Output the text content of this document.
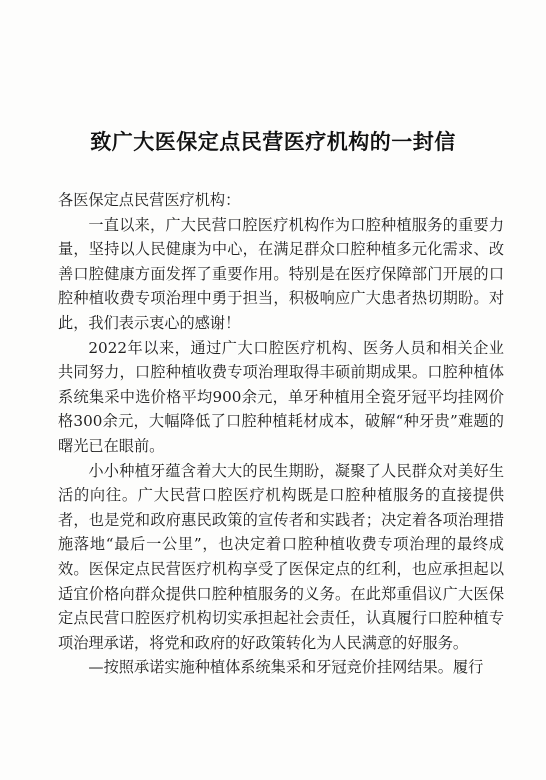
致广大医保定点民营医疗机构的一封信

各医保定点民营医疗机构：

一直以来，广大民营口腔医疗机构作为口腔种植服务的重要力量，坚持以人民健康为中心，在满足群众口腔种植多元化需求、改善口腔健康方面发挥了重要作用。特别是在医疗保障部门开展的口腔种植收费专项治理中勇于担当，积极响应广大患者热切期盼。对此，我们表示衷心的感谢！

2022年以来，通过广大口腔医疗机构、医务人员和相关企业共同努力，口腔种植收费专项治理取得丰硕前期成果。口腔种植体系统集采中选价格平均900余元，单牙种植用全瓷牙冠平均挂网价格300余元，大幅降低了口腔种植耗材成本，破解“种牙贵”难题的曙光已在眼前。

小小种植牙蕴含着大大的民生期盼，凝聚了人民群众对美好生活的向往。广大民营口腔医疗机构既是口腔种植服务的直接提供者，也是党和政府惠民政策的宣传者和实践者；决定着各项治理措施落地“最后一公里”，也决定着口腔种植收费专项治理的最终成效。医保定点民营医疗机构享受了医保定点的红利，也应承担起以适宜价格向群众提供口腔种植服务的义务。在此郑重倡议广大医保定点民营口腔医疗机构切实承担起社会责任，认真履行口腔种植专项治理承诺，将党和政府的好政策转化为人民满意的好服务。

—按照承诺实施种植体系统集采和牙冠竞价挂网结果。履行
